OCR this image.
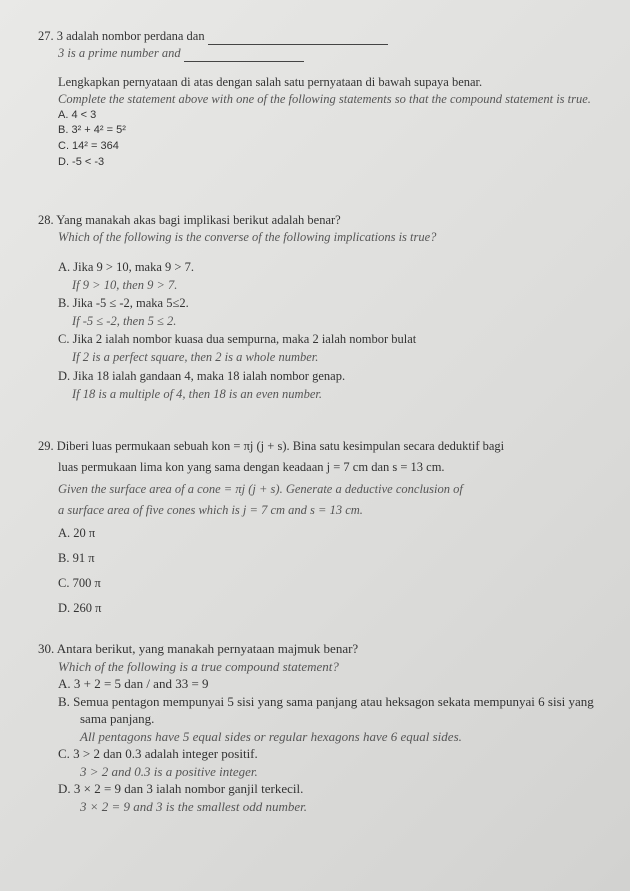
27. 3 adalah nombor perdana dan
3 is a prime number and
Lengkapkan pernyataan di atas dengan salah satu pernyataan di bawah supaya benar.
Complete the statement above with one of the following statements so that the compound statement is true.
A. 4 < 3
B. 3² + 4² = 5²
C. 14² = 364
D. -5 < -3
28. Yang manakah akas bagi implikasi berikut adalah benar?
Which of the following is the converse of the following implications is true?
A. Jika 9 > 10, maka 9 > 7.
If 9 > 10, then 9 > 7.
B. Jika -5 ≤ -2, maka 5≤2.
If -5 ≤ -2, then 5 ≤ 2.
C. Jika 2 ialah nombor kuasa dua sempurna, maka 2 ialah nombor bulat
If 2 is a perfect square, then 2 is a whole number.
D. Jika 18 ialah gandaan 4, maka 18 ialah nombor genap.
If 18 is a multiple of 4, then 18 is an even number.
29. Diberi luas permukaan sebuah kon = πj (j + s). Bina satu kesimpulan secara deduktif bagi
luas permukaan lima kon yang sama dengan keadaan j = 7 cm dan s = 13 cm.
Given the surface area of a cone = πj (j + s). Generate a deductive conclusion of
a surface area of five cones which is j = 7 cm and s = 13 cm.
A. 20 π
B. 91 π
C. 700 π
D. 260 π
30. Antara berikut, yang manakah pernyataan majmuk benar?
Which of the following is a true compound statement?
A. 3 + 2 = 5 dan / and 33 = 9
B. Semua pentagon mempunyai 5 sisi yang sama panjang atau heksagon sekata mempunyai 6 sisi yang sama panjang.
All pentagons have 5 equal sides or regular hexagons have 6 equal sides.
C. 3 > 2 dan 0.3 adalah integer positif.
3 > 2 and 0.3 is a positive integer.
D. 3 × 2 = 9 dan 3 ialah nombor ganjil terkecil.
3 × 2 = 9 and 3 is the smallest odd number.
